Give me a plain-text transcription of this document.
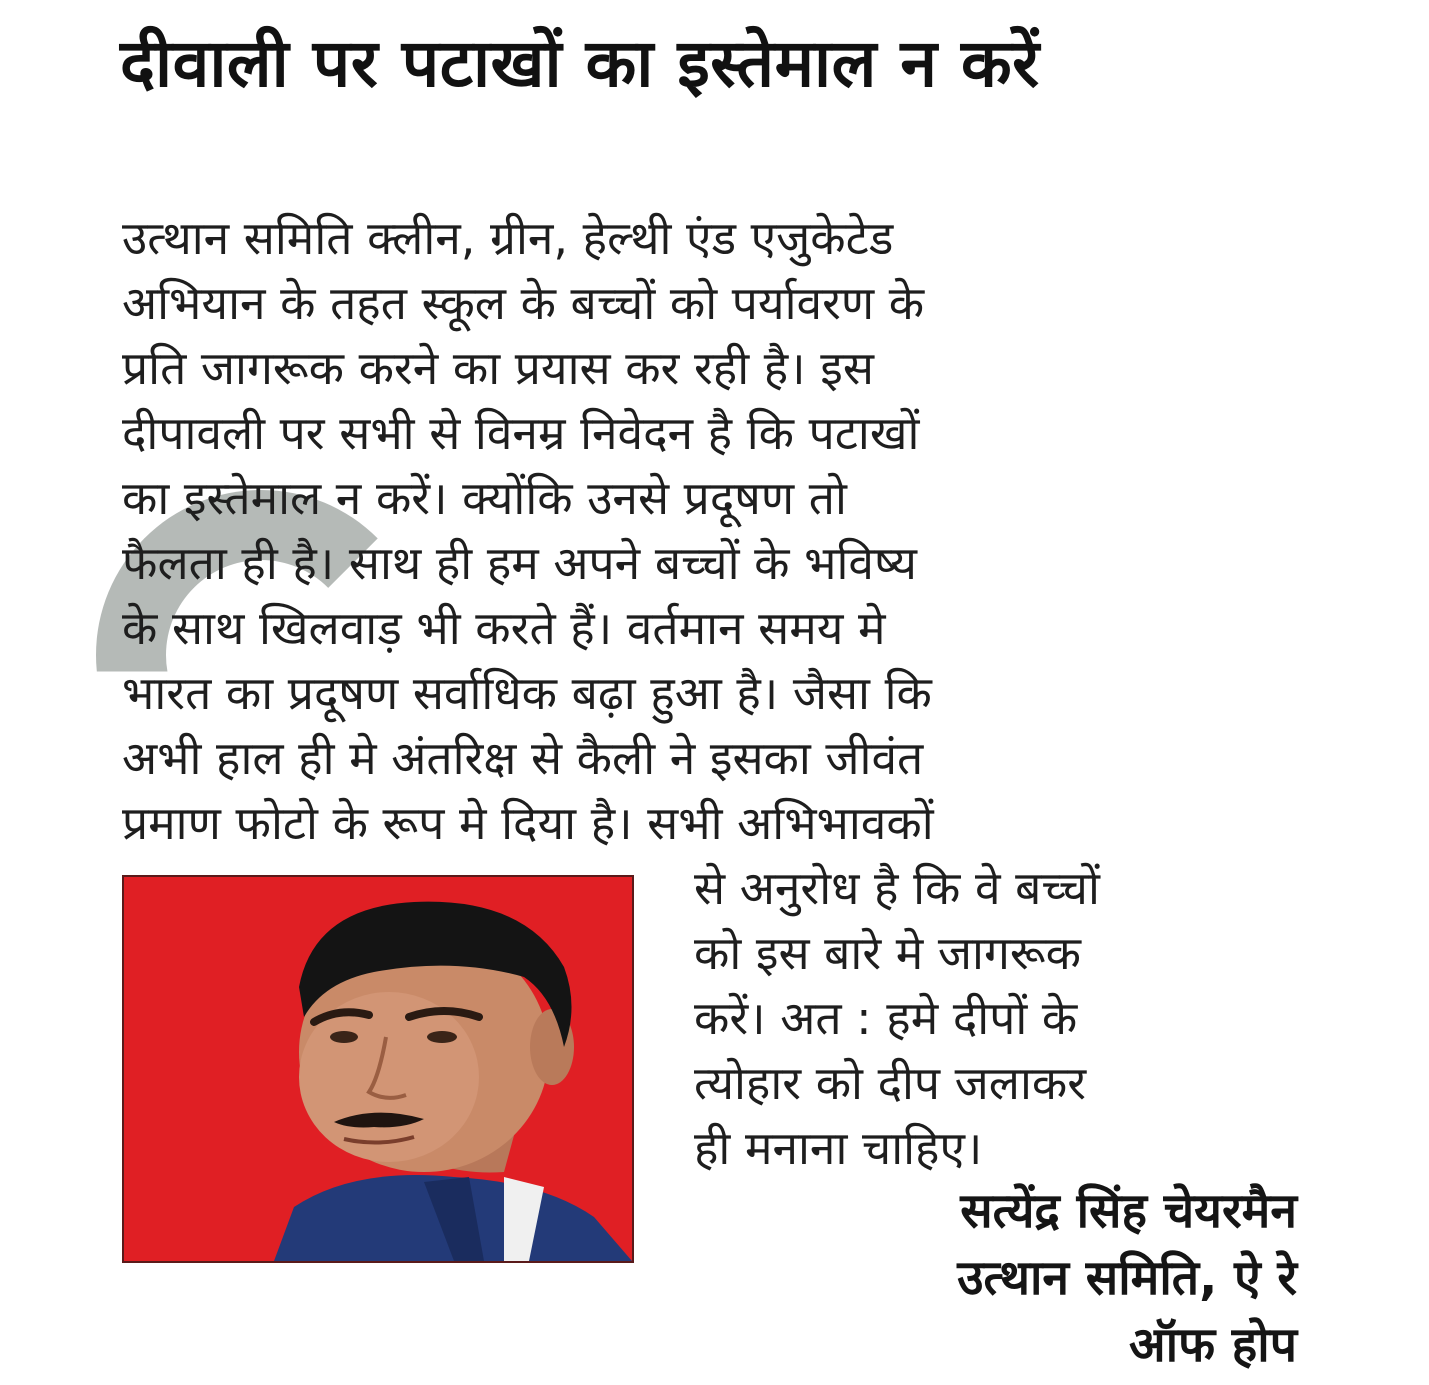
दीवाली पर पटाखों का इस्तेमाल न करें
उत्थान समिति क्लीन, ग्रीन, हेल्थी एंड एजुकेटेड
अभियान के तहत स्कूल के बच्चों को पर्यावरण के
प्रति जागरूक करने का प्रयास कर रही है। इस
दीपावली पर सभी से विनम्र निवेदन है कि पटाखों
का इस्तेमाल न करें। क्योंकि उनसे प्रदूषण तो
फैलता ही है। साथ ही हम अपने बच्चों के भविष्य
के साथ खिलवाड़ भी करते हैं। वर्तमान समय मे
भारत का प्रदूषण सर्वाधिक बढ़ा हुआ है। जैसा कि
अभी हाल ही मे अंतरिक्ष से कैली ने इसका जीवंत
प्रमाण फोटो के रूप मे दिया है। सभी अभिभावकों
से अनुरोध है कि वे बच्चों
को इस बारे मे जागरूक
करें। अत : हमे दीपों के
त्योहार को दीप जलाकर
ही मनाना चाहिए।
सत्येंद्र सिंह चेयरमैन
उत्थान समिति, ऐ रे
ऑफ होप
